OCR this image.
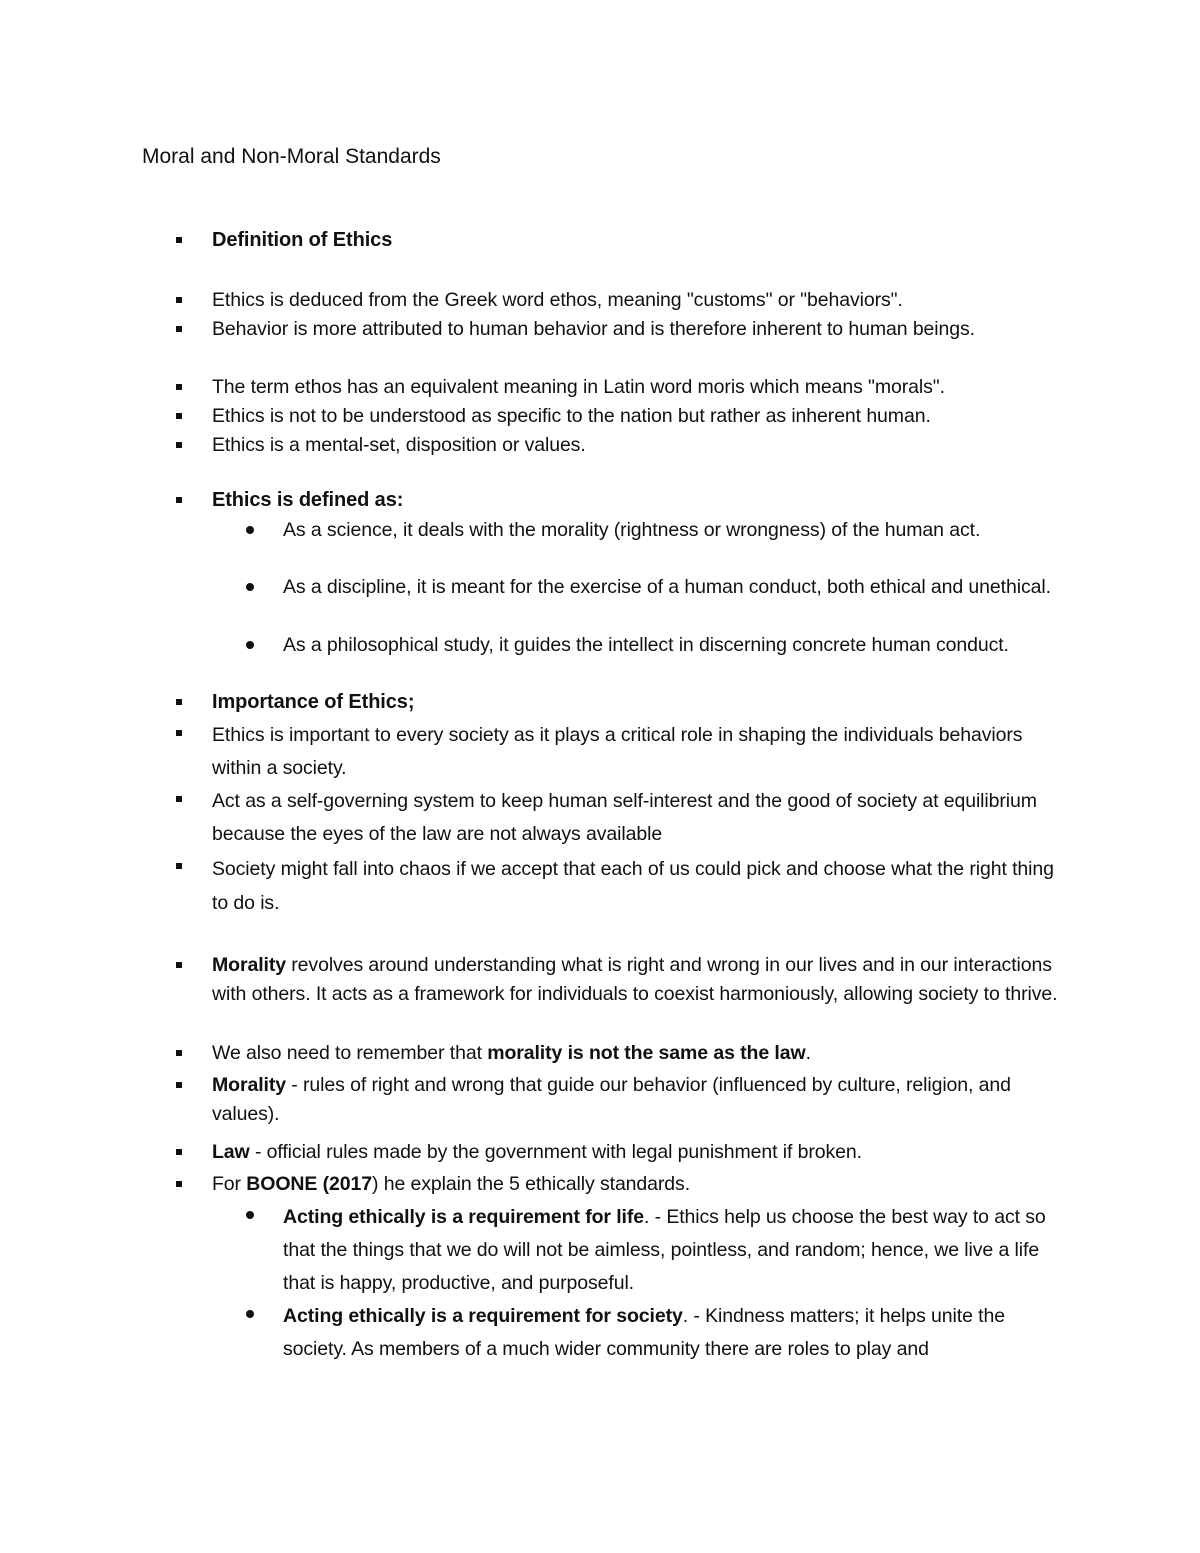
Moral and Non-Moral Standards
Definition of Ethics
Ethics is deduced from the Greek word ethos, meaning "customs" or "behaviors".
Behavior is more attributed to human behavior and is therefore inherent to human beings.
The term ethos has an equivalent meaning in Latin word moris which means "morals".
Ethics is not to be understood as specific to the nation but rather as inherent human.
Ethics is a mental-set, disposition or values.
Ethics is defined as:
As a science, it deals with the morality (rightness or wrongness) of the human act.
As a discipline, it is meant for the exercise of a human conduct, both ethical and unethical.
As a philosophical study, it guides the intellect in discerning concrete human conduct.
Importance of Ethics;
Ethics is important to every society as it plays a critical role in shaping the individuals behaviors within a society.
Act as a self-governing system to keep human self-interest and the good of society at equilibrium because the eyes of the law are not always available
Society might fall into chaos if we accept that each of us could pick and choose what the right thing to do is.
Morality revolves around understanding what is right and wrong in our lives and in our interactions with others. It acts as a framework for individuals to coexist harmoniously, allowing society to thrive.
We also need to remember that morality is not the same as the law.
Morality - rules of right and wrong that guide our behavior (influenced by culture, religion, and values).
Law - official rules made by the government with legal punishment if broken.
For BOONE (2017) he explain the 5 ethically standards.
Acting ethically is a requirement for life. - Ethics help us choose the best way to act so that the things that we do will not be aimless, pointless, and random; hence, we live a life that is happy, productive, and purposeful.
Acting ethically is a requirement for society. - Kindness matters; it helps unite the society. As members of a much wider community there are roles to play and
